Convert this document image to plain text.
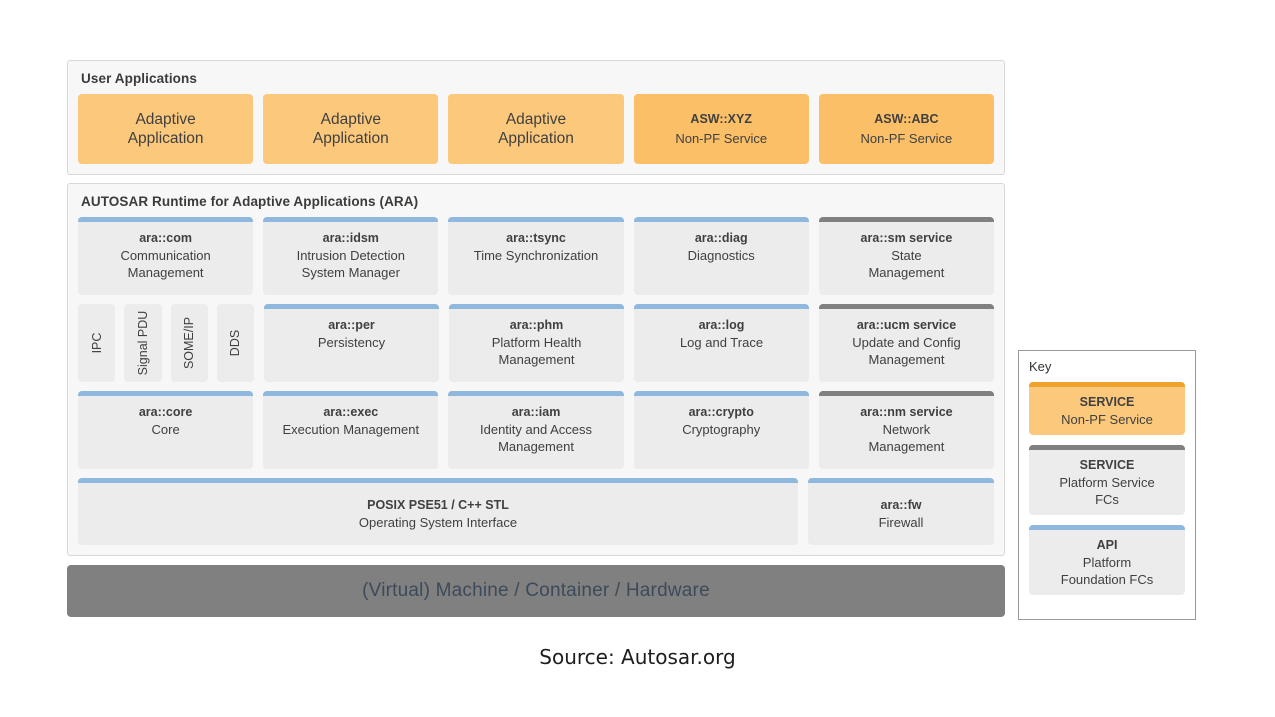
User Applications
Adaptive
Application
Adaptive
Application
Adaptive
Application
ASW::XYZ
Non-PF Service
ASW::ABC
Non-PF Service
AUTOSAR Runtime for Adaptive Applications (ARA)
ara::com
Communication
Management
ara::idsm
Intrusion Detection
System Manager
ara::tsync
Time Synchronization
ara::diag
Diagnostics
ara::sm service
State
Management
IPC	Signal PDU	SOME/IP	DDS
ara::per
Persistency
ara::phm
Platform Health
Management
ara::log
Log and Trace
ara::ucm service
Update and Config
Management
ara::core
Core
ara::exec
Execution Management
ara::iam
Identity and Access
Management
ara::crypto
Cryptography
ara::nm service
Network
Management
POSIX PSE51 / C++ STL
Operating System Interface
ara::fw
Firewall
(Virtual) Machine / Container / Hardware
Key
SERVICE
Non-PF Service
SERVICE
Platform Service
FCs
API
Platform
Foundation FCs
Source: Autosar.org
